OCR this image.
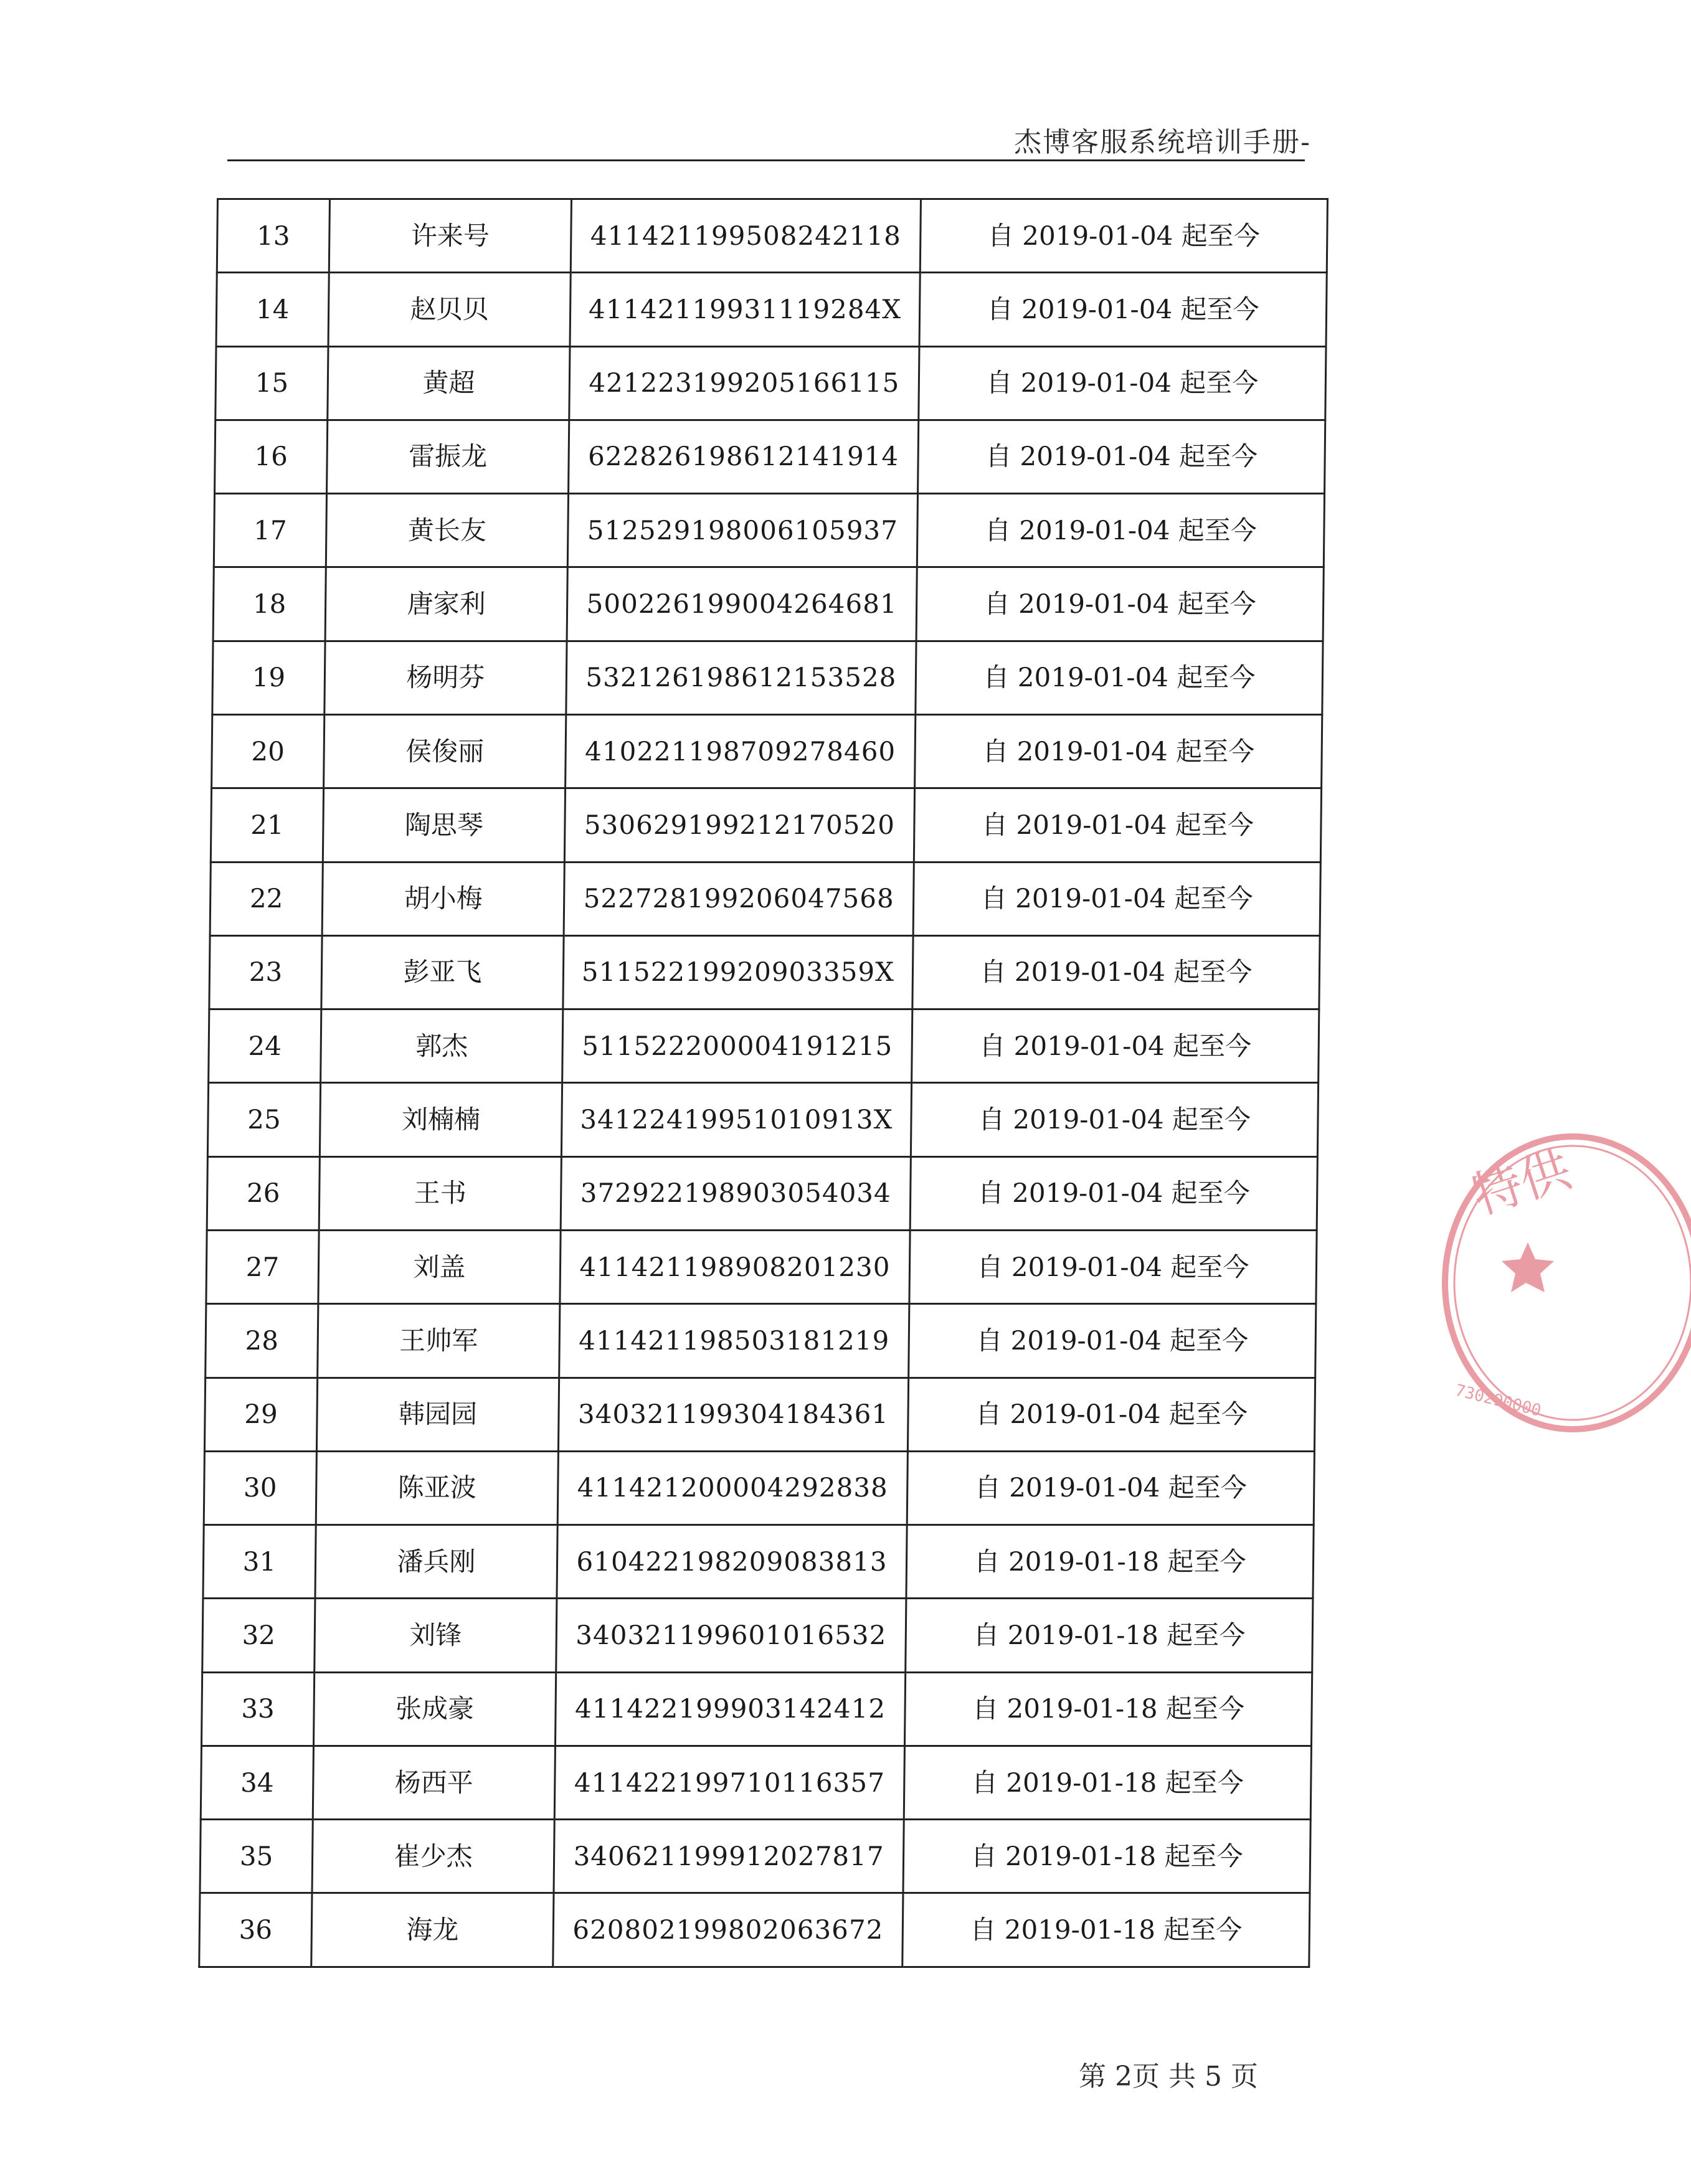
杰博客服系统培训手册-
13	许来号	411421199508242118	自 2019-01-04 起至今
14	赵贝贝	41142119931119284X	自 2019-01-04 起至今
15	黄超	421223199205166115	自 2019-01-04 起至今
16	雷振龙	622826198612141914	自 2019-01-04 起至今
17	黄长友	512529198006105937	自 2019-01-04 起至今
18	唐家利	500226199004264681	自 2019-01-04 起至今
19	杨明芬	532126198612153528	自 2019-01-04 起至今
20	侯俊丽	410221198709278460	自 2019-01-04 起至今
21	陶思琴	530629199212170520	自 2019-01-04 起至今
22	胡小梅	522728199206047568	自 2019-01-04 起至今
23	彭亚飞	51152219920903359X	自 2019-01-04 起至今
24	郭杰	511522200004191215	自 2019-01-04 起至今
25	刘楠楠	34122419951010913X	自 2019-01-04 起至今
26	王书	372922198903054034	自 2019-01-04 起至今
27	刘盖	411421198908201230	自 2019-01-04 起至今
28	王帅军	411421198503181219	自 2019-01-04 起至今
29	韩园园	340321199304184361	自 2019-01-04 起至今
30	陈亚波	411421200004292838	自 2019-01-04 起至今
31	潘兵刚	610422198209083813	自 2019-01-18 起至今
32	刘锋	340321199601016532	自 2019-01-18 起至今
33	张成豪	411422199903142412	自 2019-01-18 起至今
34	杨西平	411422199710116357	自 2019-01-18 起至今
35	崔少杰	340621199912027817	自 2019-01-18 起至今
36	海龙	620802199802063672	自 2019-01-18 起至今
第 2页 共 5 页
特供
730290000
